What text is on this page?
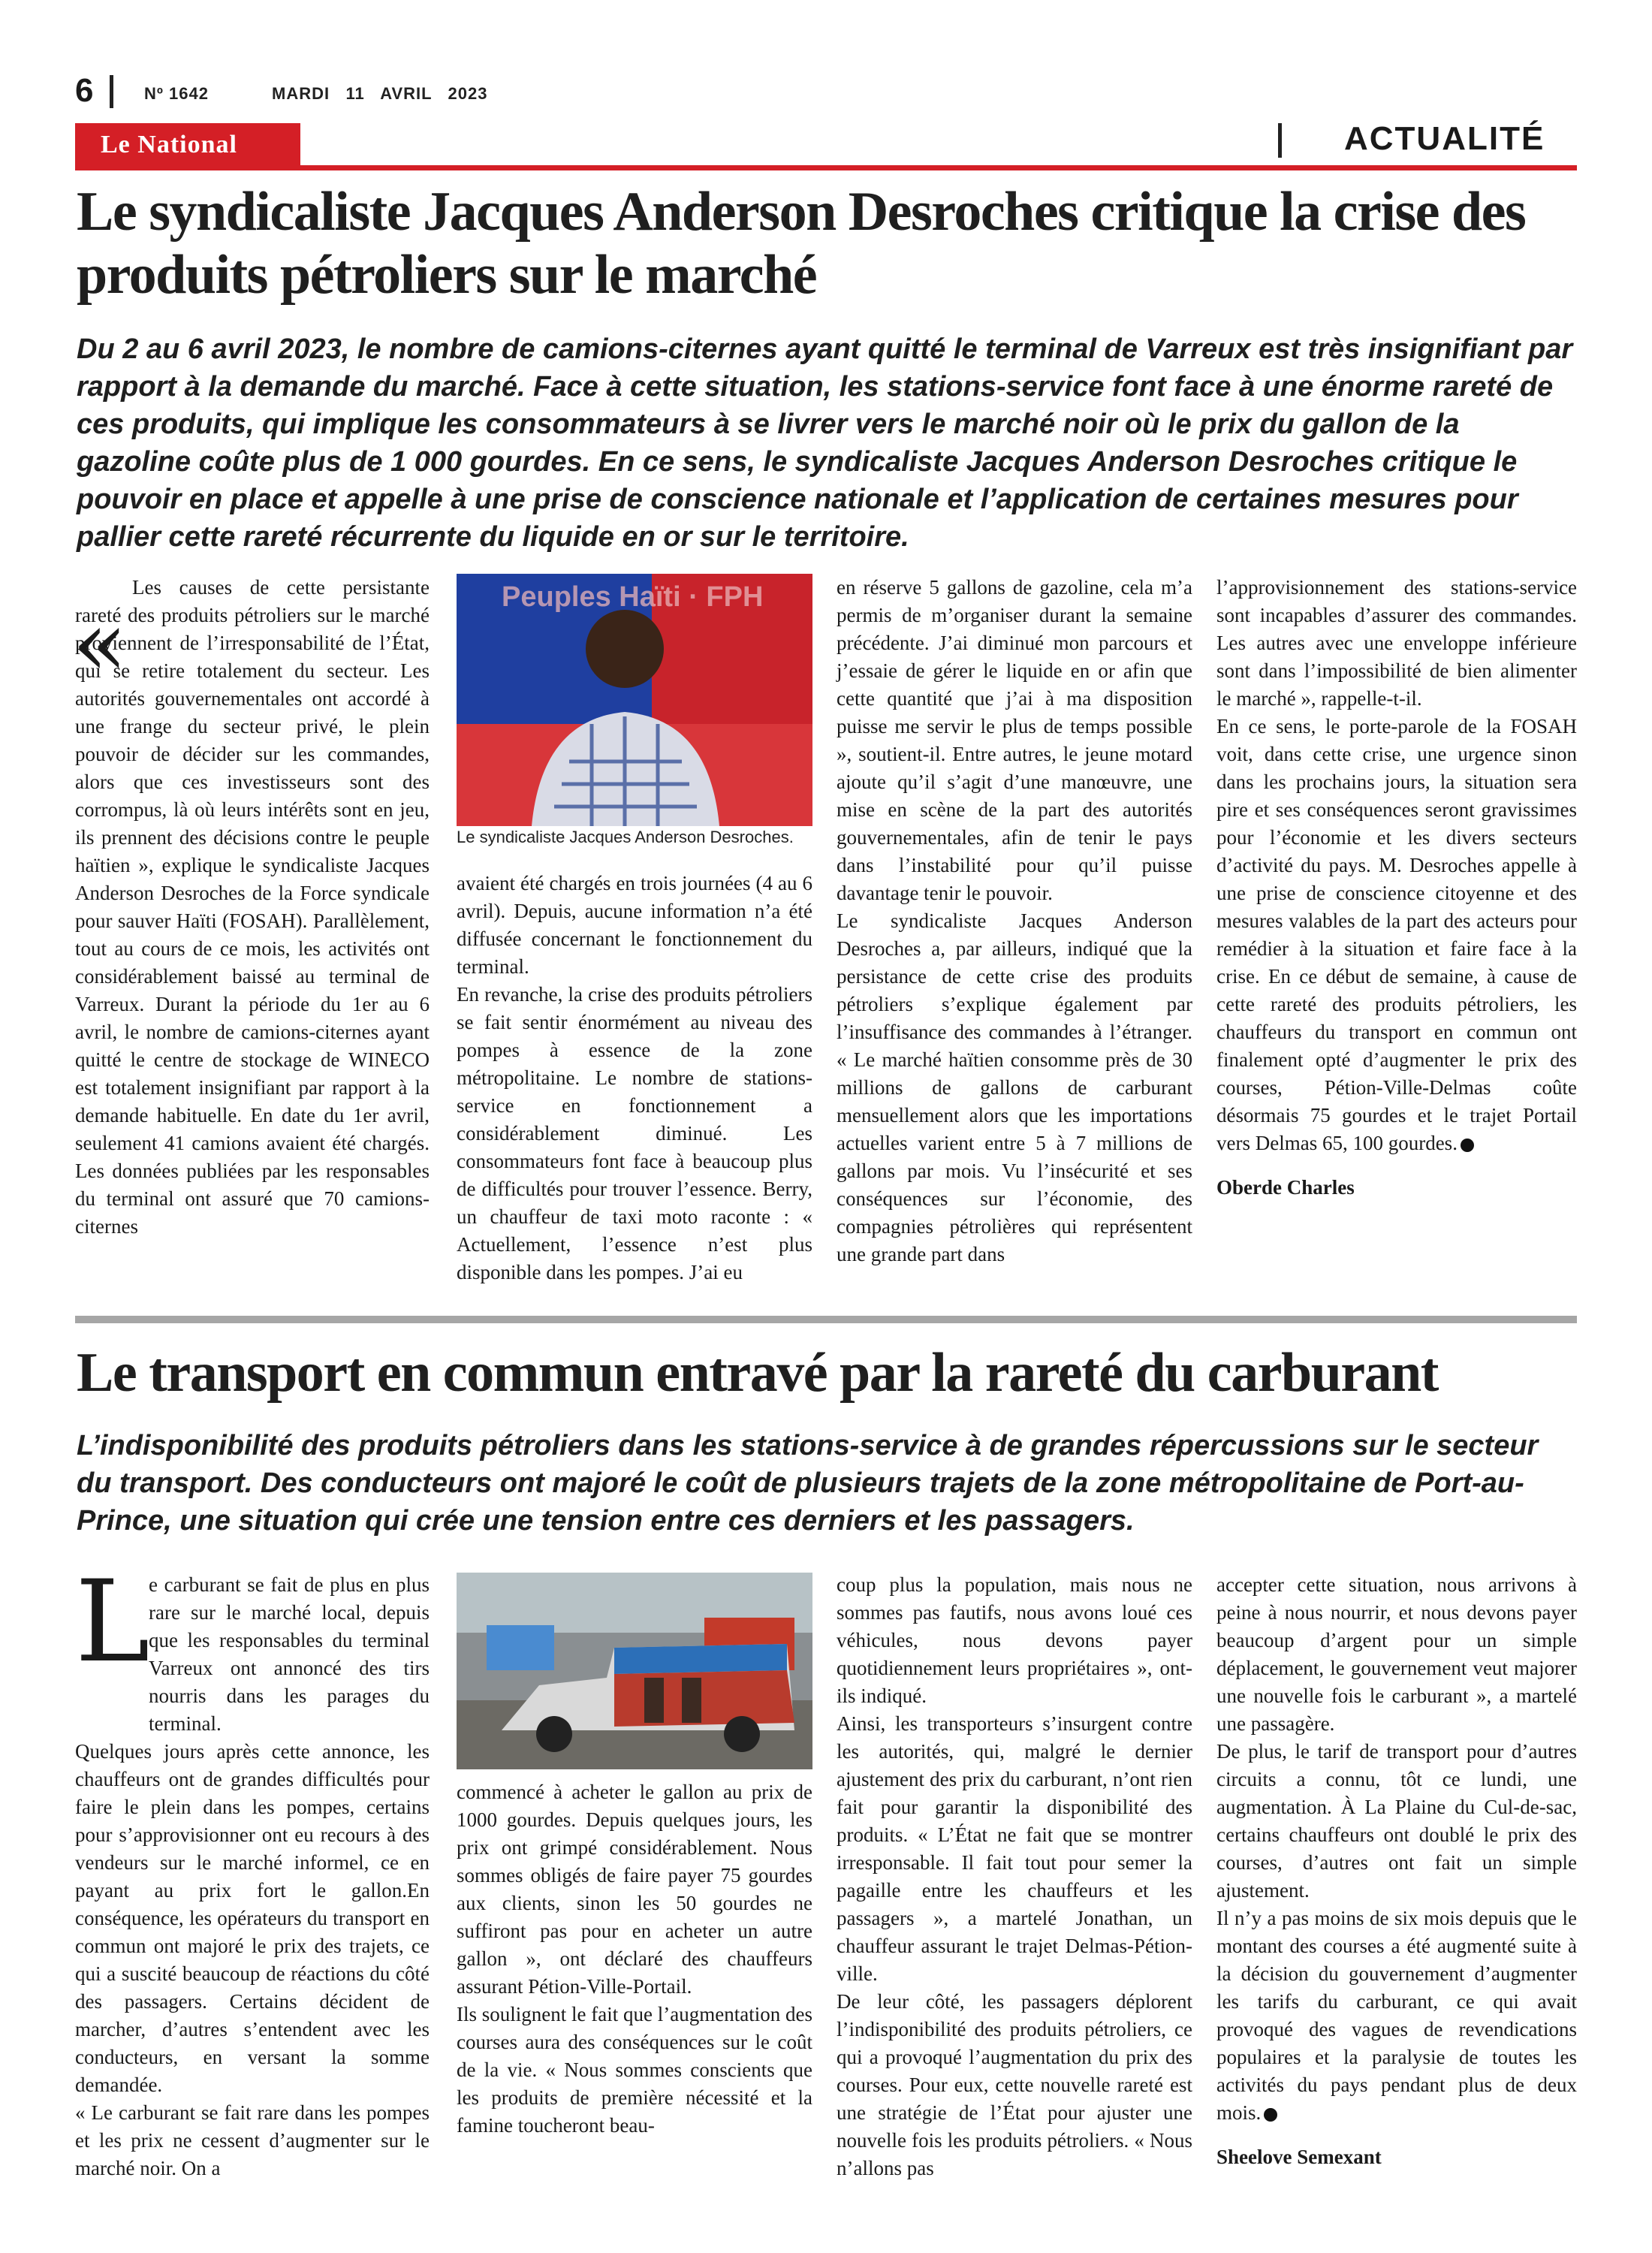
6	Nº 1642	MARDI   11   AVRIL   2023
Le National	ACTUALITÉ
Le syndicaliste Jacques Anderson Desroches critique la crise des produits pétroliers sur le marché
Du 2 au 6 avril 2023, le nombre de camions-citernes ayant quitté le terminal de Varreux est très insignifiant par rapport à la demande du marché. Face à cette situation, les stations-service font face à une énorme rareté de ces produits, qui implique les consommateurs à se livrer vers le marché noir où le prix du gallon de la gazoline coûte plus de 1 000 gourdes. En ce sens, le syndicaliste Jacques Anderson Desroches critique le pouvoir en place et appelle à une prise de conscience nationale et l’application de certaines mesures pour pallier cette rareté récurrente du liquide en or sur le territoire.
«

Les causes de cette persistante rareté des produits pétroliers sur le marché proviennent de l’irresponsabilité de l’État, qui se retire totalement du secteur. Les autorités gouvernementales ont accordé à une frange du secteur privé, le plein pouvoir de décider sur les commandes, alors que ces investisseurs sont des corrompus, là où leurs intérêts sont en jeu, ils prennent des décisions contre le peuple haïtien », explique le syndicaliste Jacques Anderson Desroches de la Force syndicale pour sauver Haïti (FOSAH). Parallèlement, tout au cours de ce mois, les activités ont considérablement baissé au terminal de Varreux. Durant la période du 1er au 6 avril, le nombre de camions-citernes ayant quitté le centre de stockage de WINECO est totalement insignifiant par rapport à la demande habituelle. En date du 1er avril, seulement 41 camions avaient été chargés. Les données publiées par les responsables du terminal ont assuré que 70 camions-citernes

Peuples Haïti · FPH
Le syndicaliste Jacques Anderson Desroches.

avaient été chargés en trois journées (4 au 6 avril). Depuis, aucune information n’a été diffusée concernant le fonctionnement du terminal.

En revanche, la crise des produits pétroliers se fait sentir énormément au niveau des pompes à essence de la zone métropolitaine. Le nombre de stations-service en fonctionnement a considérablement diminué. Les consommateurs font face à beaucoup plus de difficultés pour trouver l’essence. Berry, un chauffeur de taxi moto raconte : « Actuellement, l’essence n’est plus disponible dans les pompes. J’ai eu

en réserve 5 gallons de gazoline, cela m’a permis de m’organiser durant la semaine précédente. J’ai diminué mon parcours et j’essaie de gérer le liquide en or afin que cette quantité que j’ai à ma disposition puisse me servir le plus de temps possible », soutient-il. Entre autres, le jeune motard ajoute qu’il s’agit d’une manœuvre, une mise en scène de la part des autorités gouvernementales, afin de tenir le pays dans l’instabilité pour qu’il puisse davantage tenir le pouvoir.

Le syndicaliste Jacques Anderson Desroches a, par ailleurs, indiqué que la persistance de cette crise des produits pétroliers s’explique également par l’insuffisance des commandes à l’étranger. « Le marché haïtien consomme près de 30 millions de gallons de carburant mensuellement alors que les importations actuelles varient entre 5 à 7 millions de gallons par mois. Vu l’insécurité et ses conséquences sur l’économie, des compagnies pétrolières qui représentent une grande part dans

l’approvisionnement des stations-service sont incapables d’assurer des commandes. Les autres avec une enveloppe inférieure sont dans l’impossibilité de bien alimenter le marché », rappelle-t-il.

En ce sens, le porte-parole de la FOSAH voit, dans cette crise, une urgence sinon dans les prochains jours, la situation sera pire et ses conséquences seront gravissimes pour l’économie et les divers secteurs d’activité du pays. M. Desroches appelle à une prise de conscience citoyenne et des mesures valables de la part des acteurs pour remédier à la situation et faire face à la crise. En ce début de semaine, à cause de cette rareté des produits pétroliers, les chauffeurs du transport en commun ont finalement opté d’augmenter le prix des courses, Pétion-Ville-Delmas coûte désormais 75 gourdes et le trajet Portail vers Delmas 65, 100 gourdes.

Oberde Charles

Le transport en commun entravé par la rareté du carburant
L’indisponibilité des produits pétroliers dans les stations-service à de grandes répercussions sur le secteur du transport. Des conducteurs ont majoré le coût de plusieurs trajets de la zone métropolitaine de Port-au-Prince, une situation qui crée une tension entre ces derniers et les passagers.
L

e carburant se fait de plus en plus rare sur le marché local, depuis que les responsables du terminal Varreux ont annoncé des tirs nourris dans les parages du terminal.

Quelques jours après cette annonce, les chauffeurs ont de grandes difficultés pour faire le plein dans les pompes, certains pour s’approvisionner ont eu recours à des vendeurs sur le marché informel, ce en payant au prix fort le gallon.En conséquence, les opérateurs du transport en commun ont majoré le prix des trajets, ce qui a suscité beaucoup de réactions du côté des passagers. Certains décident de marcher, d’autres s’entendent avec les conducteurs, en versant la somme demandée.

« Le carburant se fait rare dans les pompes et les prix ne cessent d’augmenter sur le marché noir. On a

commencé à acheter le gallon au prix de 1000 gourdes. Depuis quelques jours, les prix ont grimpé considérablement. Nous sommes obligés de faire payer 75 gourdes aux clients, sinon les 50 gourdes ne suffiront pas pour en acheter un autre gallon », ont déclaré des chauffeurs assurant Pétion-Ville-Portail.

Ils soulignent le fait que l’augmentation des courses aura des conséquences sur le coût de la vie. « Nous sommes conscients que les produits de première nécessité et la famine toucheront beau-

coup plus la population, mais nous ne sommes pas fautifs, nous avons loué ces véhicules, nous devons payer quotidiennement leurs propriétaires », ont-ils indiqué.

Ainsi, les transporteurs s’insurgent contre les autorités, qui, malgré le dernier ajustement des prix du carburant, n’ont rien fait pour garantir la disponibilité des produits. « L’État ne fait que se montrer irresponsable. Il fait tout pour semer la pagaille entre les chauffeurs et les passagers », a martelé Jonathan, un chauffeur assurant le trajet Delmas-Pétion-ville.

De leur côté, les passagers déplorent l’indisponibilité des produits pétroliers, ce qui a provoqué l’augmentation du prix des courses. Pour eux, cette nouvelle rareté est une stratégie de l’État pour ajuster une nouvelle fois les produits pétroliers. « Nous n’allons pas

accepter cette situation, nous arrivons à peine à nous nourrir, et nous devons payer beaucoup d’argent pour un simple déplacement, le gouvernement veut majorer une nouvelle fois le carburant », a martelé une passagère.

De plus, le tarif de transport pour d’autres circuits a connu, tôt ce lundi, une augmentation. À La Plaine du Cul-de-sac, certains chauffeurs ont doublé le prix des courses, d’autres ont fait un simple ajustement.

Il n’y a pas moins de six mois depuis que le montant des courses a été augmenté suite à la décision du gouvernement d’augmenter les tarifs du carburant, ce qui avait provoqué des vagues de revendications populaires et la paralysie de toutes les activités du pays pendant plus de deux mois.

Sheelove Semexant
